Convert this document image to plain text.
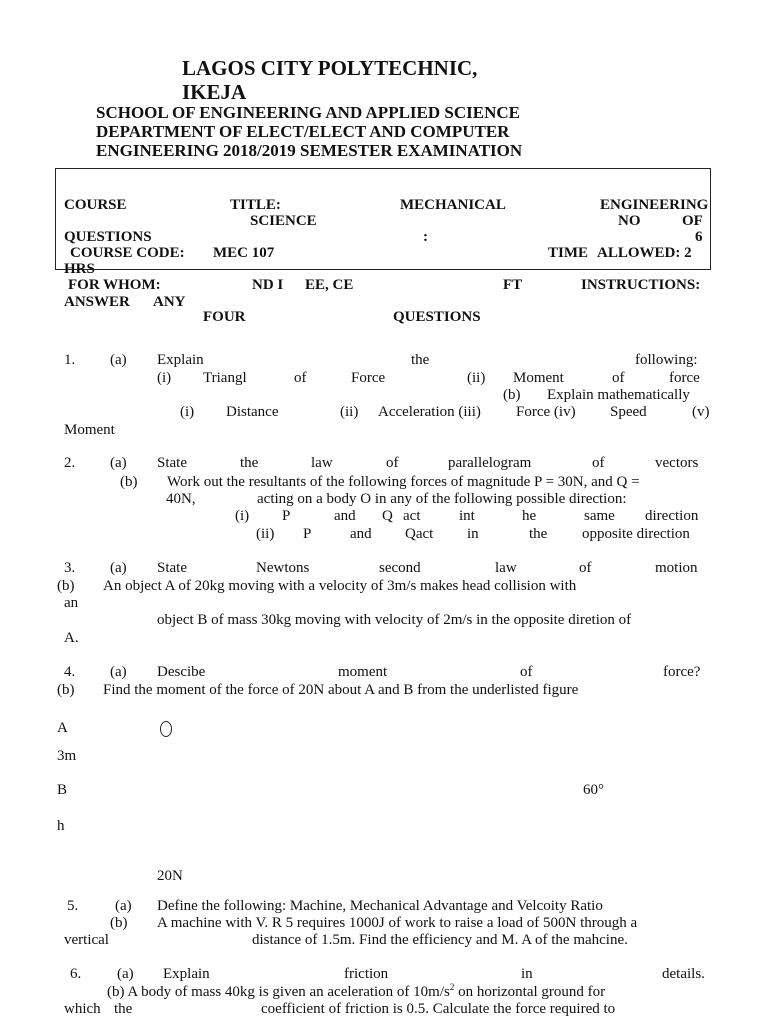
LAGOS CITY POLYTECHNIC,
IKEJA
SCHOOL OF ENGINEERING AND APPLIED SCIENCE
DEPARTMENT OF ELECT/ELECT AND COMPUTER
ENGINEERING 2018/2019 SEMESTER EXAMINATION
COURSE	TITLE:	MECHANICAL	ENGINEERING
SCIENCE	NO	OF
QUESTIONS	:	6
COURSE CODE: MEC 107	TIME ALLOWED: 2
HRS
FOR WHOM:	ND I EE, CE	FT	INSTRUCTIONS:
ANSWER ANY
FOUR	QUESTIONS
1. (a) Explain	the	following:
(i) Triangl	of	Force	(ii) Moment	of	force
(b) Explain mathematically
(i) Distance	(ii) Acceleration (iii) Force (iv) Speed	(v)
Moment
2. (a) State	the	law	of	parallelogram	of	vectors
(b) Work out the resultants of the following forces of magnitude P = 30N, and Q =
40N,	acting on a body O in any of the following possible direction:
(i) P	and Q act	int	he	same direction
(ii) P	and Qact in	the opposite direction
3. (a) State	Newtons	second	law	of	motion
(b) An object A of 20kg moving with a velocity of 3m/s makes head collision with
an
object B of mass 30kg moving with velocity of 2m/s in the opposite diretion of
A.
4. (a) Descibe	moment	of	force?
(b) Find the moment of the force of 20N about A and B from the underlisted figure
A
3m
B	60°
h
20N
5. (a) Define the following: Machine, Mechanical Advantage and Velcoity Ratio
(b) A machine with V. R 5 requires 1000J of work to raise a load of 500N through a
vertical	distance of 1.5m. Find the efficiency and M. A of the mahcine.
6. (a) Explain	friction	in	details.
(b) A body of mass 40kg is given an aceleration of $10m/s^2$ on horizontal ground for
which the	coefficient of friction is 0.5. Calculate the force required to
